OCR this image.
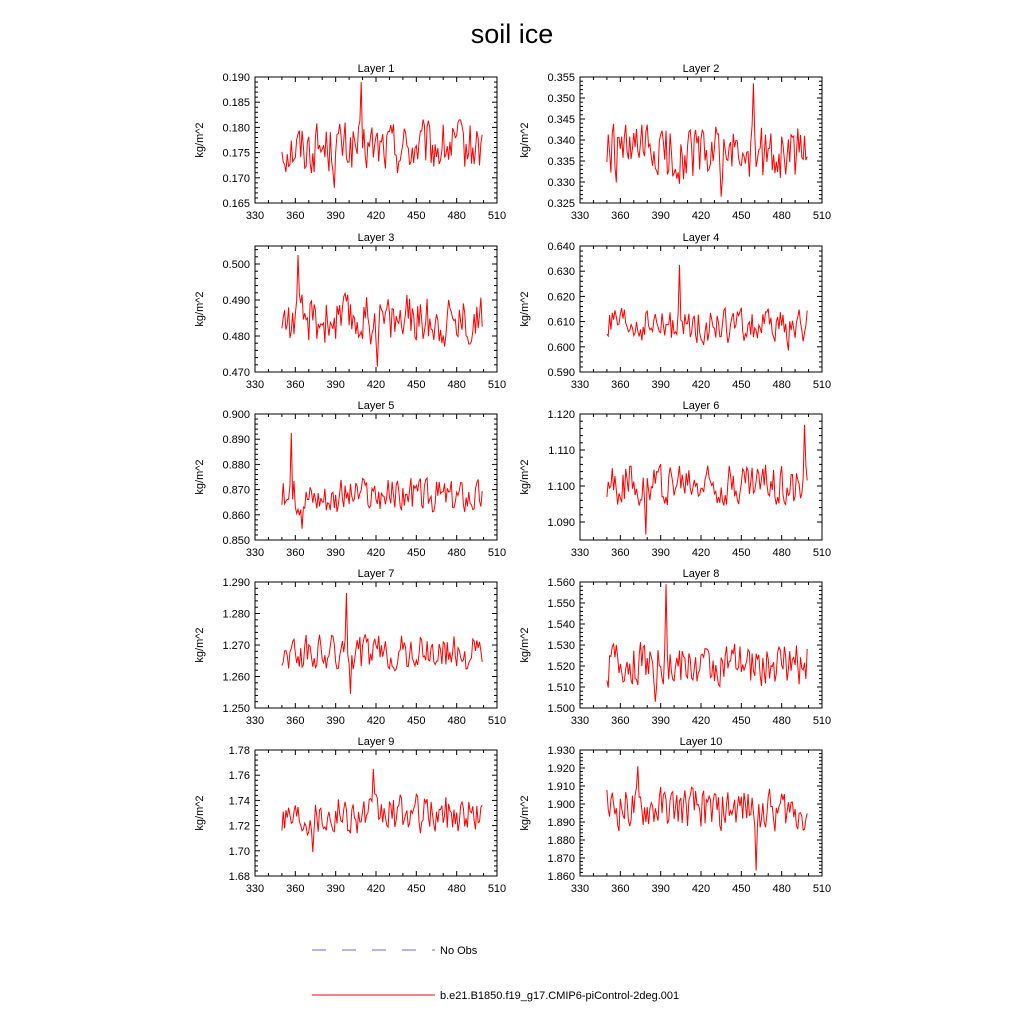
soil ice
Layer 1
kg/m^2
330 360 390 420 450 480 510
0.165
0.170
0.175
0.180
0.185
0.190
Layer 2
kg/m^2
330 360 390 420 450 480 510
0.325
0.330
0.335
0.340
0.345
0.350
0.355
Layer 3
kg/m^2
330 360 390 420 450 480 510
0.470
0.480
0.490
0.500
Layer 4
kg/m^2
330 360 390 420 450 480 510
0.590
0.600
0.610
0.620
0.630
0.640
Layer 5
kg/m^2
330 360 390 420 450 480 510
0.850
0.860
0.870
0.880
0.890
0.900
Layer 6
kg/m^2
330 360 390 420 450 480 510
1.090
1.100
1.110
1.120
Layer 7
kg/m^2
330 360 390 420 450 480 510
1.250
1.260
1.270
1.280
1.290
Layer 8
kg/m^2
330 360 390 420 450 480 510
1.500
1.510
1.520
1.530
1.540
1.550
1.560
Layer 9
kg/m^2
330 360 390 420 450 480 510
1.68
1.70
1.72
1.74
1.76
1.78
Layer 10
kg/m^2
330 360 390 420 450 480 510
1.860
1.870
1.880
1.890
1.900
1.910
1.920
1.930
No Obs
b.e21.B1850.f19_g17.CMIP6-piControl-2deg.001
